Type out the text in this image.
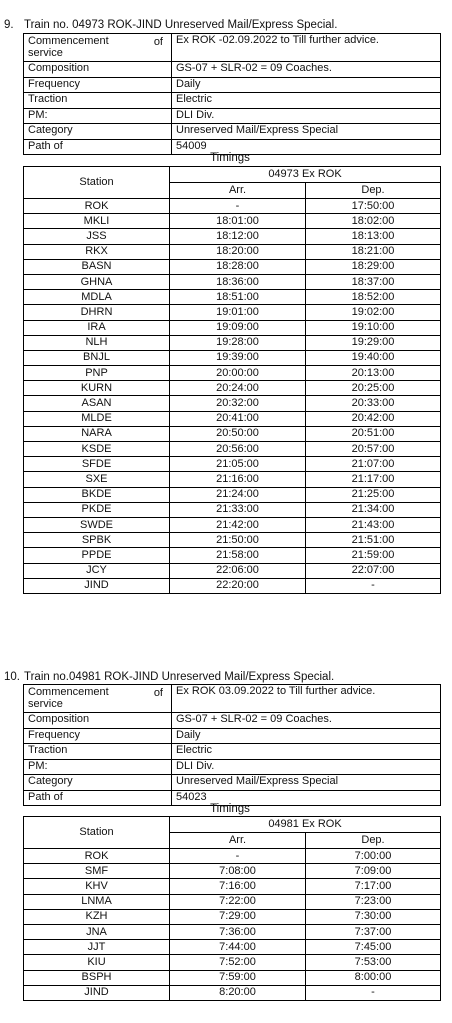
9. Train no. 04973 ROK-JIND Unreserved Mail/Express Special.
Commencement of

service	Ex ROK -02.09.2022 to Till further advice.
Composition	GS-07 + SLR-02 = 09 Coaches.
Frequency	Daily
Traction	Electric
PM:	DLI Div.
Category	Unreserved Mail/Express Special
Path of	54009
Timings
Station	04973 Ex ROK	
	Arr.	Dep.
ROK	-	17:50:00
MKLI	18:01:00	18:02:00
JSS	18:12:00	18:13:00
RKX	18:20:00	18:21:00
BASN	18:28:00	18:29:00
GHNA	18:36:00	18:37:00
MDLA	18:51:00	18:52:00
DHRN	19:01:00	19:02:00
IRA	19:09:00	19:10:00
NLH	19:28:00	19:29:00
BNJL	19:39:00	19:40:00
PNP	20:00:00	20:13:00
KURN	20:24:00	20:25:00
ASAN	20:32:00	20:33:00
MLDE	20:41:00	20:42:00
NARA	20:50:00	20:51:00
KSDE	20:56:00	20:57:00
SFDE	21:05:00	21:07:00
SXE	21:16:00	21:17:00
BKDE	21:24:00	21:25:00
PKDE	21:33:00	21:34:00
SWDE	21:42:00	21:43:00
SPBK	21:50:00	21:51:00
PPDE	21:58:00	21:59:00
JCY	22:06:00	22:07:00
JIND	22:20:00	-
10. Train no.04981 ROK-JIND Unreserved Mail/Express Special.
Commencement of

service	Ex ROK 03.09.2022 to Till further advice.
Composition	GS-07 + SLR-02 = 09 Coaches.
Frequency	Daily
Traction	Electric
PM:	DLI Div.
Category	Unreserved Mail/Express Special
Path of	54023
Timings
Station	04981 Ex ROK	
	Arr.	Dep.
ROK	-	7:00:00
SMF	7:08:00	7:09:00
KHV	7:16:00	7:17:00
LNMA	7:22:00	7:23:00
KZH	7:29:00	7:30:00
JNA	7:36:00	7:37:00
JJT	7:44:00	7:45:00
KIU	7:52:00	7:53:00
BSPH	7:59:00	8:00:00
JIND	8:20:00	-
